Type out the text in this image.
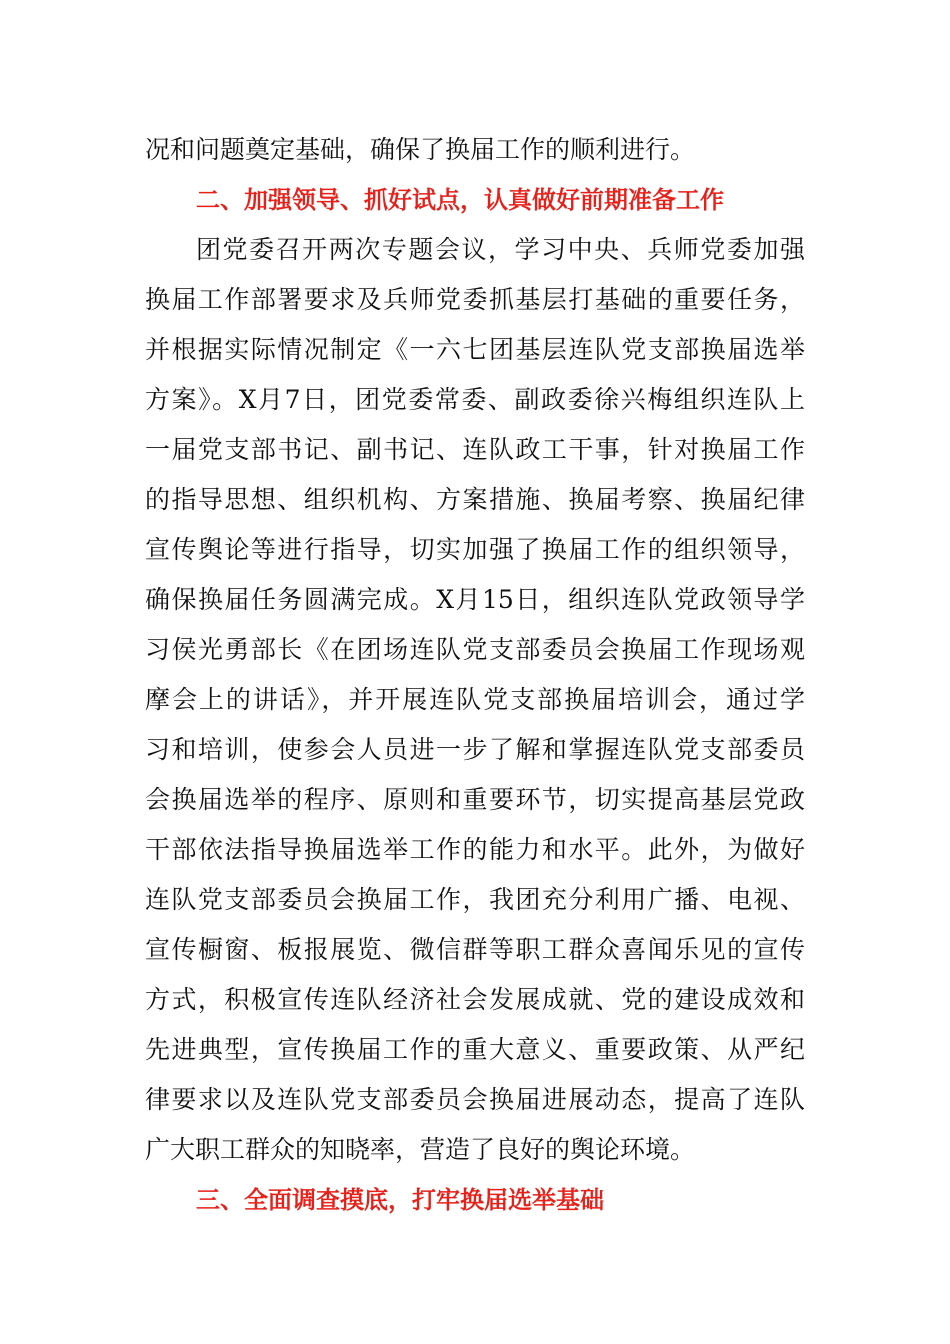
况和问题奠定基础，确保了换届工作的顺利进行。
二、加强领导、抓好试点，认真做好前期准备工作
团党委召开两次专题会议，学习中央、兵师党委加强
换届工作部署要求及兵师党委抓基层打基础的重要任务，
并根据实际情况制定《一六七团基层连队党支部换届选举
方案》。X月7日，团党委常委、副政委徐兴梅组织连队上
一届党支部书记、副书记、连队政工干事，针对换届工作
的指导思想、组织机构、方案措施、换届考察、换届纪律
宣传舆论等进行指导，切实加强了换届工作的组织领导，
确保换届任务圆满完成。X月15日，组织连队党政领导学
习侯光勇部长《在团场连队党支部委员会换届工作现场观
摩会上的讲话》，并开展连队党支部换届培训会，通过学
习和培训，使参会人员进一步了解和掌握连队党支部委员
会换届选举的程序、原则和重要环节，切实提高基层党政
干部依法指导换届选举工作的能力和水平。此外，为做好
连队党支部委员会换届工作，我团充分利用广播、电视、
宣传橱窗、板报展览、微信群等职工群众喜闻乐见的宣传
方式，积极宣传连队经济社会发展成就、党的建设成效和
先进典型，宣传换届工作的重大意义、重要政策、从严纪
律要求以及连队党支部委员会换届进展动态，提高了连队
广大职工群众的知晓率，营造了良好的舆论环境。
三、全面调查摸底，打牢换届选举基础
